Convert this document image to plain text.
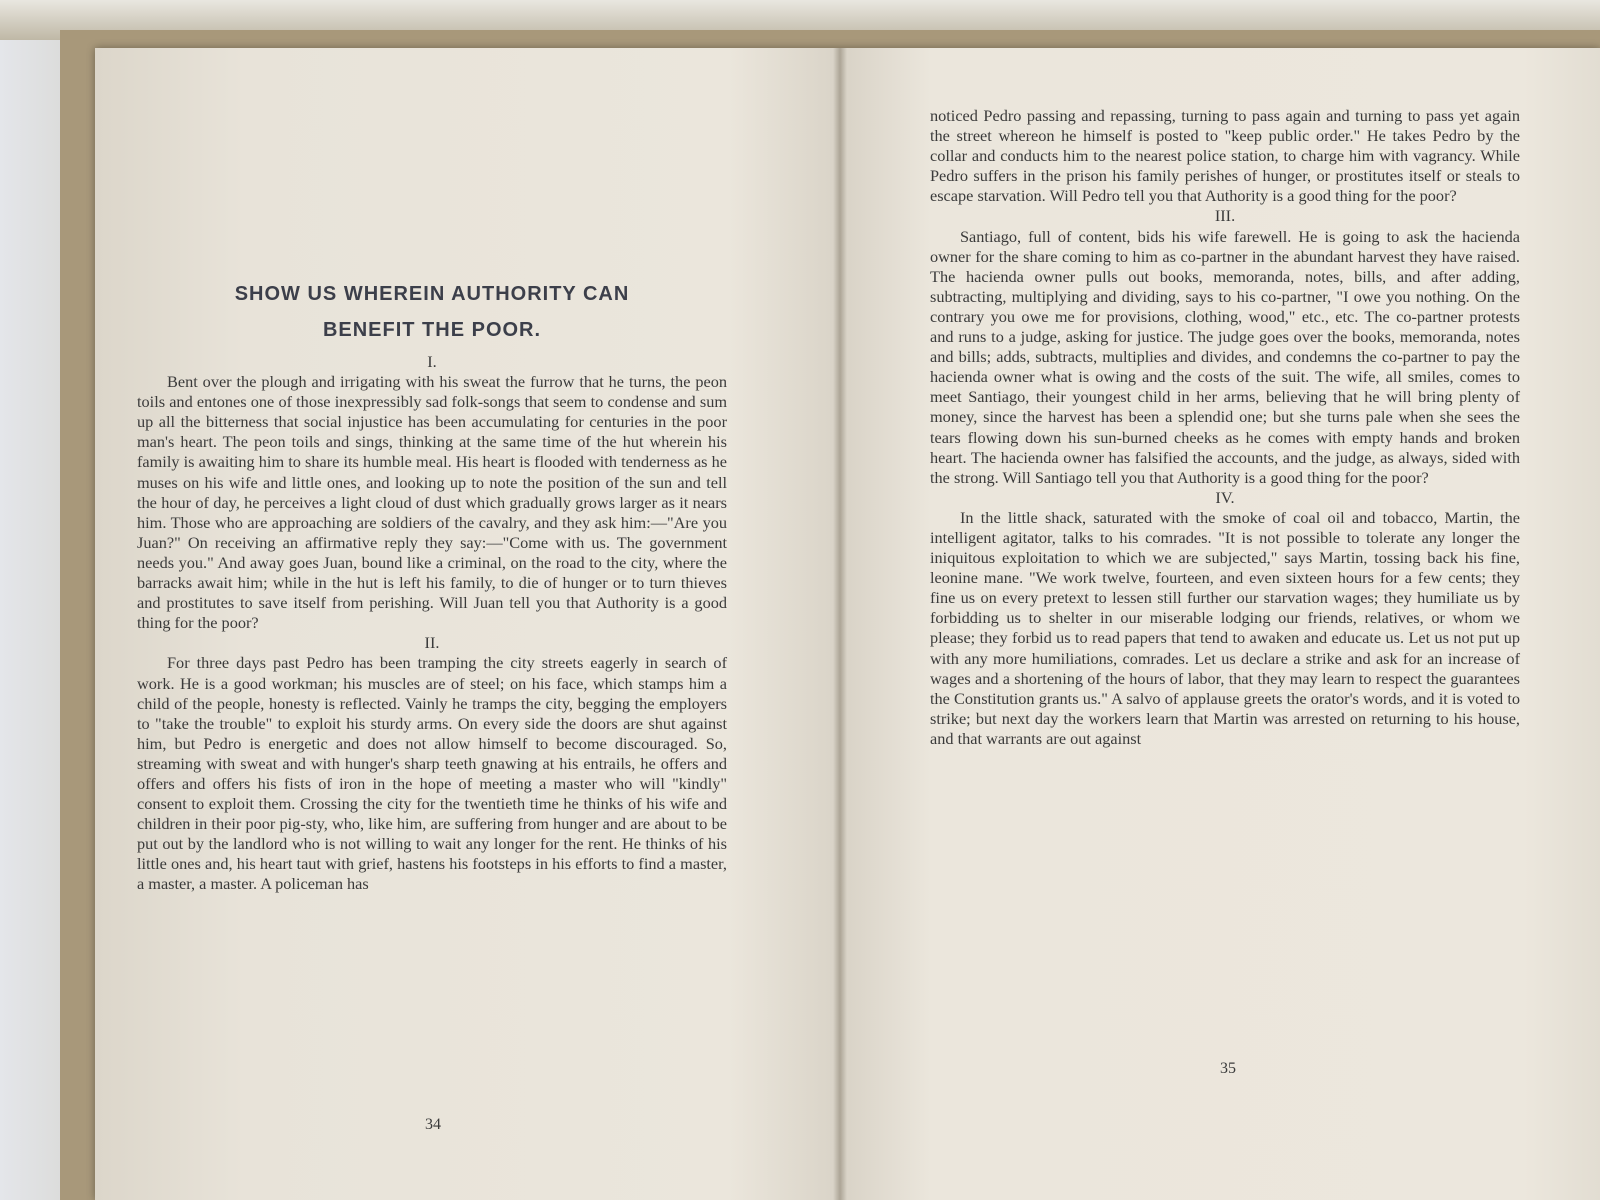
SHOW US WHEREIN AUTHORITY CAN
BENEFIT THE POOR.

I.

Bent over the plough and irrigating with his sweat the furrow that he turns, the peon toils and entones one of those inexpressibly sad folk-songs that seem to condense and sum up all the bitterness that social injustice has been accumulating for centuries in the poor man's heart. The peon toils and sings, thinking at the same time of the hut wherein his family is awaiting him to share its humble meal. His heart is flooded with tenderness as he muses on his wife and little ones, and looking up to note the position of the sun and tell the hour of day, he perceives a light cloud of dust which gradually grows larger as it nears him. Those who are approaching are soldiers of the cavalry, and they ask him:—"Are you Juan?" On receiving an affirmative reply they say:—"Come with us. The government needs you." And away goes Juan, bound like a criminal, on the road to the city, where the barracks await him; while in the hut is left his family, to die of hunger or to turn thieves and prostitutes to save itself from perishing. Will Juan tell you that Authority is a good thing for the poor?

II.

For three days past Pedro has been tramping the city streets eagerly in search of work. He is a good workman; his muscles are of steel; on his face, which stamps him a child of the people, honesty is reflected. Vainly he tramps the city, begging the employers to "take the trouble" to exploit his sturdy arms. On every side the doors are shut against him, but Pedro is energetic and does not allow himself to become discouraged. So, streaming with sweat and with hunger's sharp teeth gnawing at his entrails, he offers and offers and offers his fists of iron in the hope of meeting a master who will "kindly" consent to exploit them. Crossing the city for the twentieth time he thinks of his wife and children in their poor pig-sty, who, like him, are suffering from hunger and are about to be put out by the landlord who is not willing to wait any longer for the rent. He thinks of his little ones and, his heart taut with grief, hastens his footsteps in his efforts to find a master, a master, a master. A policeman has

34

noticed Pedro passing and repassing, turning to pass again and turning to pass yet again the street whereon he himself is posted to "keep public order." He takes Pedro by the collar and conducts him to the nearest police station, to charge him with vagrancy. While Pedro suffers in the prison his family perishes of hunger, or prostitutes itself or steals to escape starvation. Will Pedro tell you that Authority is a good thing for the poor?

III.

Santiago, full of content, bids his wife farewell. He is going to ask the hacienda owner for the share coming to him as co-partner in the abundant harvest they have raised. The hacienda owner pulls out books, memoranda, notes, bills, and after adding, subtracting, multiplying and dividing, says to his co-partner, "I owe you nothing. On the contrary you owe me for provisions, clothing, wood," etc., etc. The co-partner protests and runs to a judge, asking for justice. The judge goes over the books, memoranda, notes and bills; adds, subtracts, multiplies and divides, and condemns the co-partner to pay the hacienda owner what is owing and the costs of the suit. The wife, all smiles, comes to meet Santiago, their youngest child in her arms, believing that he will bring plenty of money, since the harvest has been a splendid one; but she turns pale when she sees the tears flowing down his sun-burned cheeks as he comes with empty hands and broken heart. The hacienda owner has falsified the accounts, and the judge, as always, sided with the strong. Will Santiago tell you that Authority is a good thing for the poor?

IV.

In the little shack, saturated with the smoke of coal oil and tobacco, Martin, the intelligent agitator, talks to his comrades. "It is not possible to tolerate any longer the iniquitous exploitation to which we are subjected," says Martin, tossing back his fine, leonine mane. "We work twelve, fourteen, and even sixteen hours for a few cents; they fine us on every pretext to lessen still further our starvation wages; they humiliate us by forbidding us to shelter in our miserable lodging our friends, relatives, or whom we please; they forbid us to read papers that tend to awaken and educate us. Let us not put up with any more humiliations, comrades. Let us declare a strike and ask for an increase of wages and a shortening of the hours of labor, that they may learn to respect the guarantees the Constitution grants us." A salvo of applause greets the orator's words, and it is voted to strike; but next day the workers learn that Martin was arrested on returning to his house, and that warrants are out against

35
